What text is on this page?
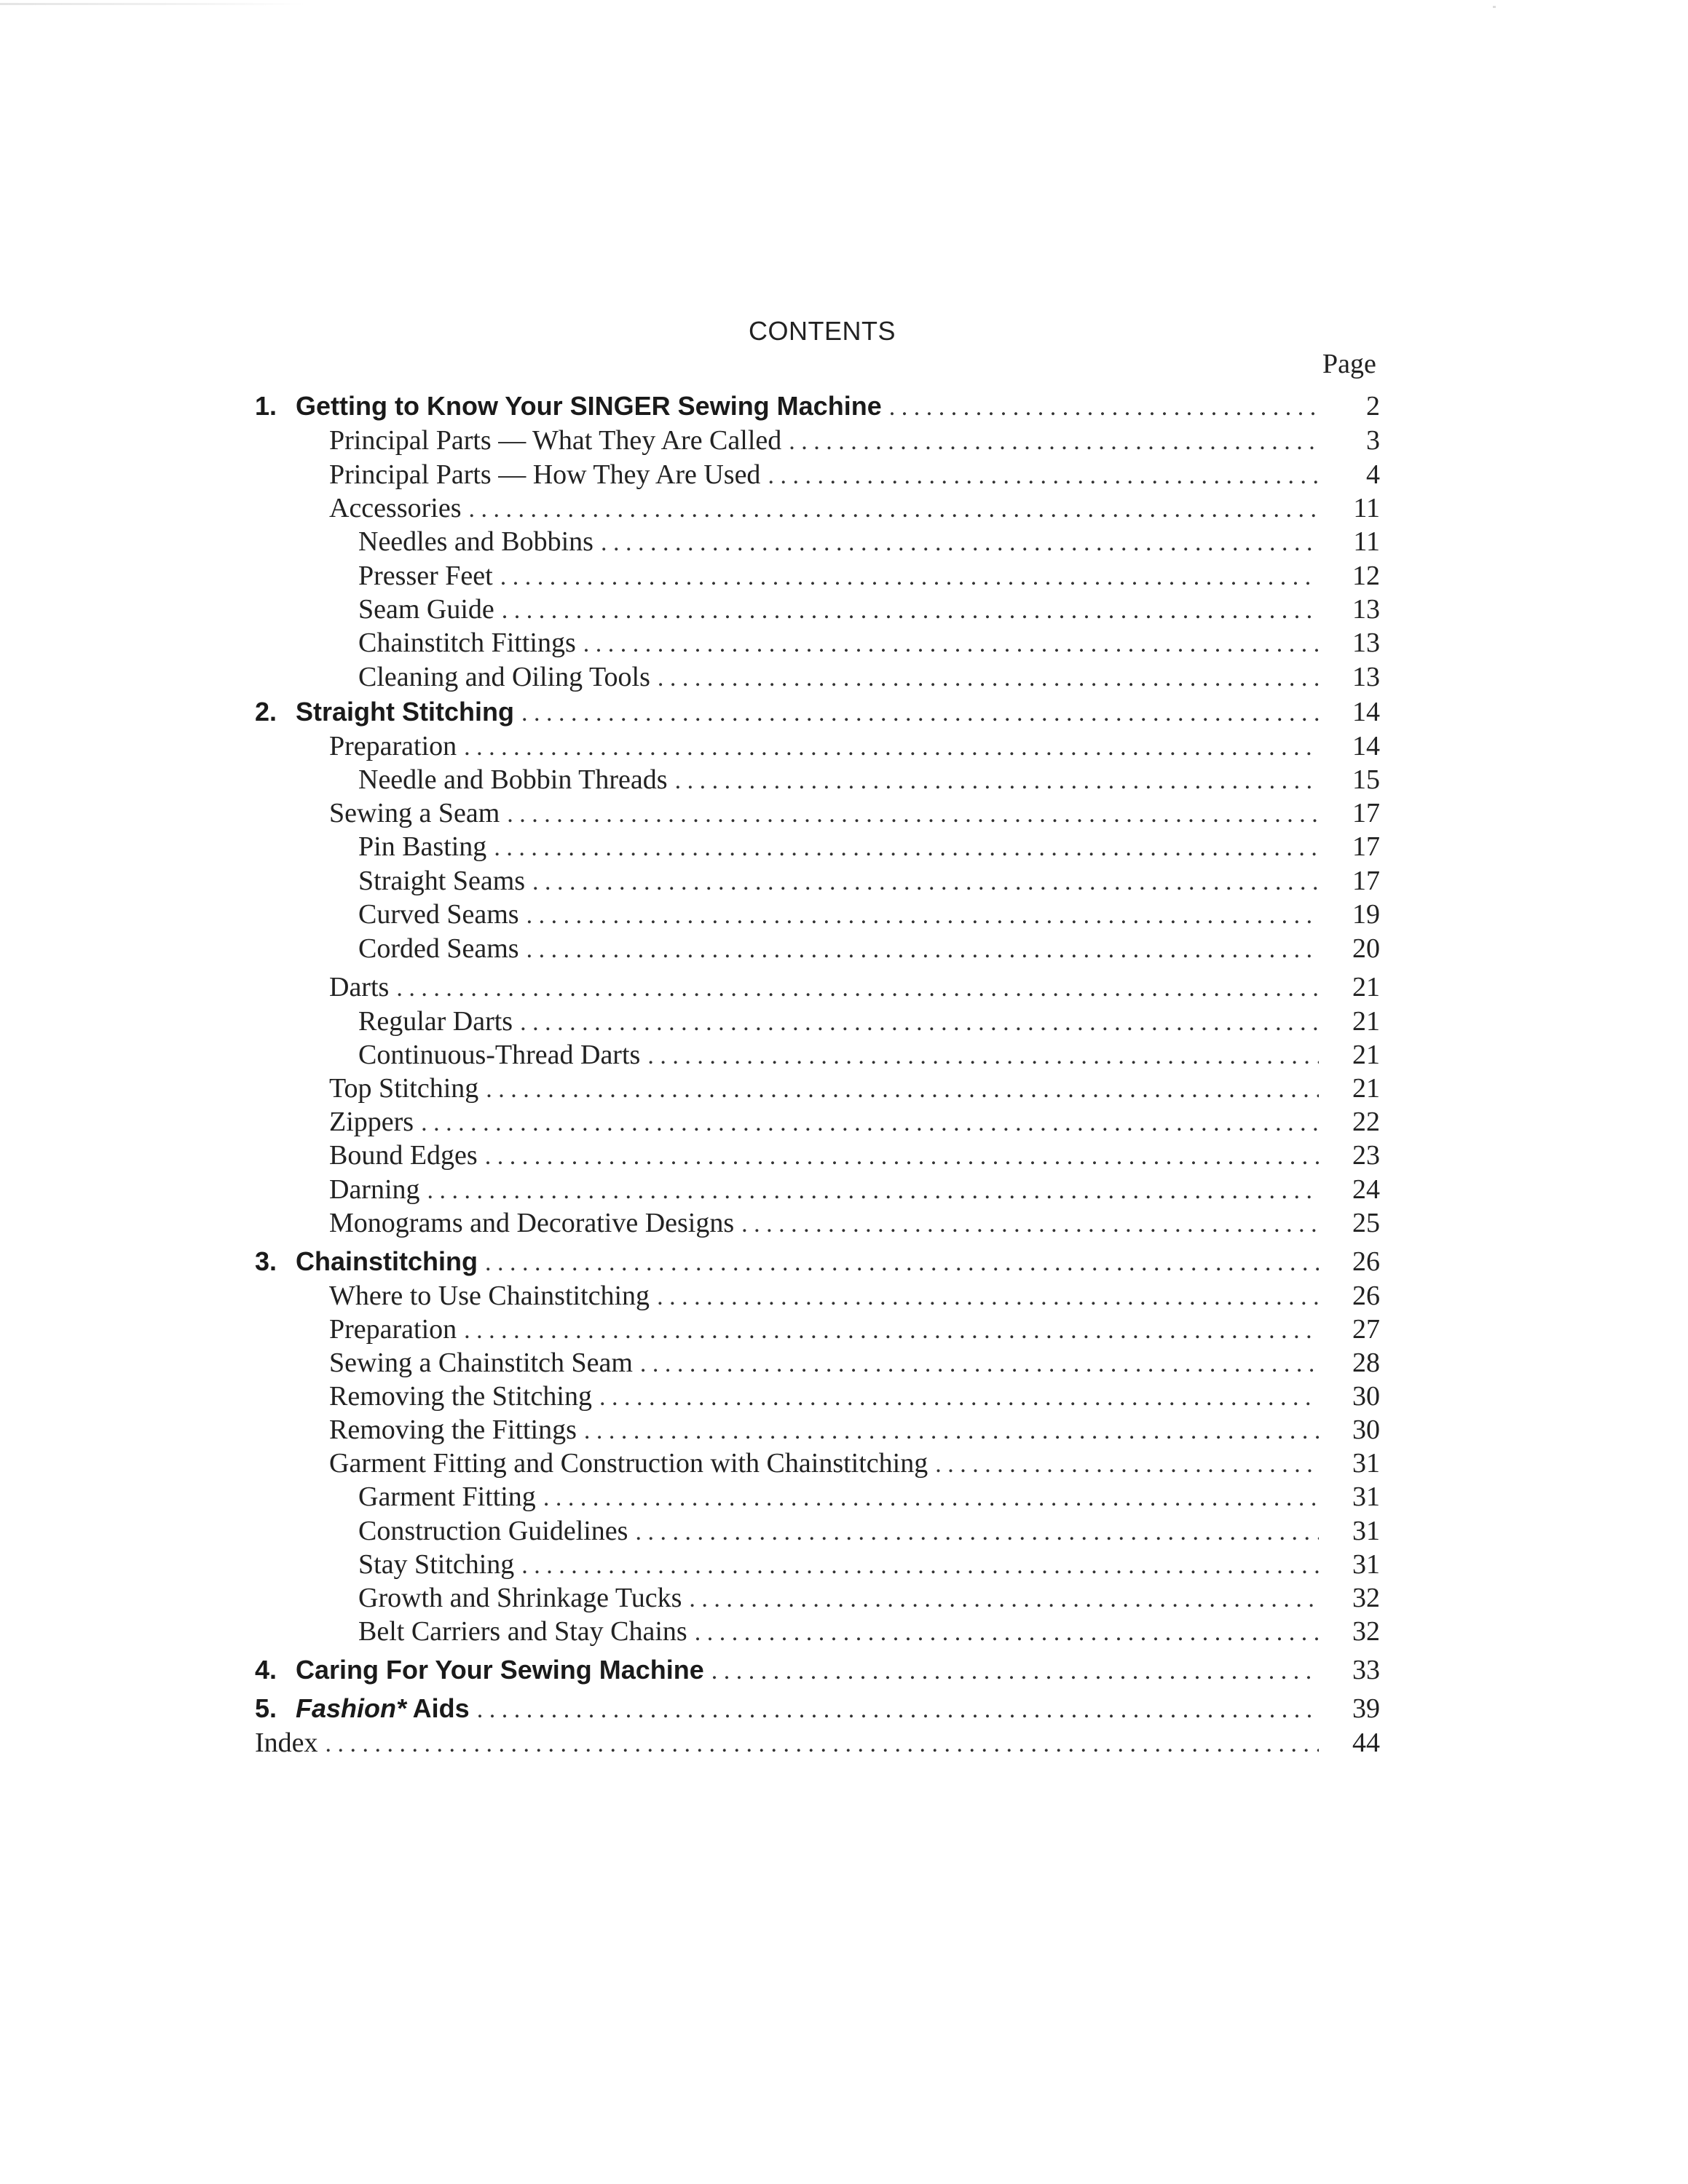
CONTENTS
Page
1. Getting to Know Your SINGER Sewing Machine . . .	2
Principal Parts — What They Are Called . . .	3
Principal Parts — How They Are Used . . .	4
Accessories . . .	11
Needles and Bobbins . . .	11
Presser Feet . . .	12
Seam Guide . . .	13
Chainstitch Fittings . . .	13
Cleaning and Oiling Tools . . .	13
2. Straight Stitching . . .	14
Preparation . . .	14
Needle and Bobbin Threads . . .	15
Sewing a Seam . . .	17
Pin Basting . . .	17
Straight Seams . . .	17
Curved Seams . . .	19
Corded Seams . . .	20
Darts . . .	21
Regular Darts . . .	21
Continuous-Thread Darts . . .	21
Top Stitching . . .	21
Zippers . . .	22
Bound Edges . . .	23
Darning . . .	24
Monograms and Decorative Designs . . .	25
3. Chainstitching . . .	26
Where to Use Chainstitching . . .	26
Preparation . . .	27
Sewing a Chainstitch Seam . . .	28
Removing the Stitching . . .	30
Removing the Fittings . . .	30
Garment Fitting and Construction with Chainstitching . . .	31
Garment Fitting . . .	31
Construction Guidelines . . .	31
Stay Stitching . . .	31
Growth and Shrinkage Tucks . . .	32
Belt Carriers and Stay Chains . . .	32
4. Caring For Your Sewing Machine . . .	33
5. Fashion* Aids . . .	39
Index . . .	44
